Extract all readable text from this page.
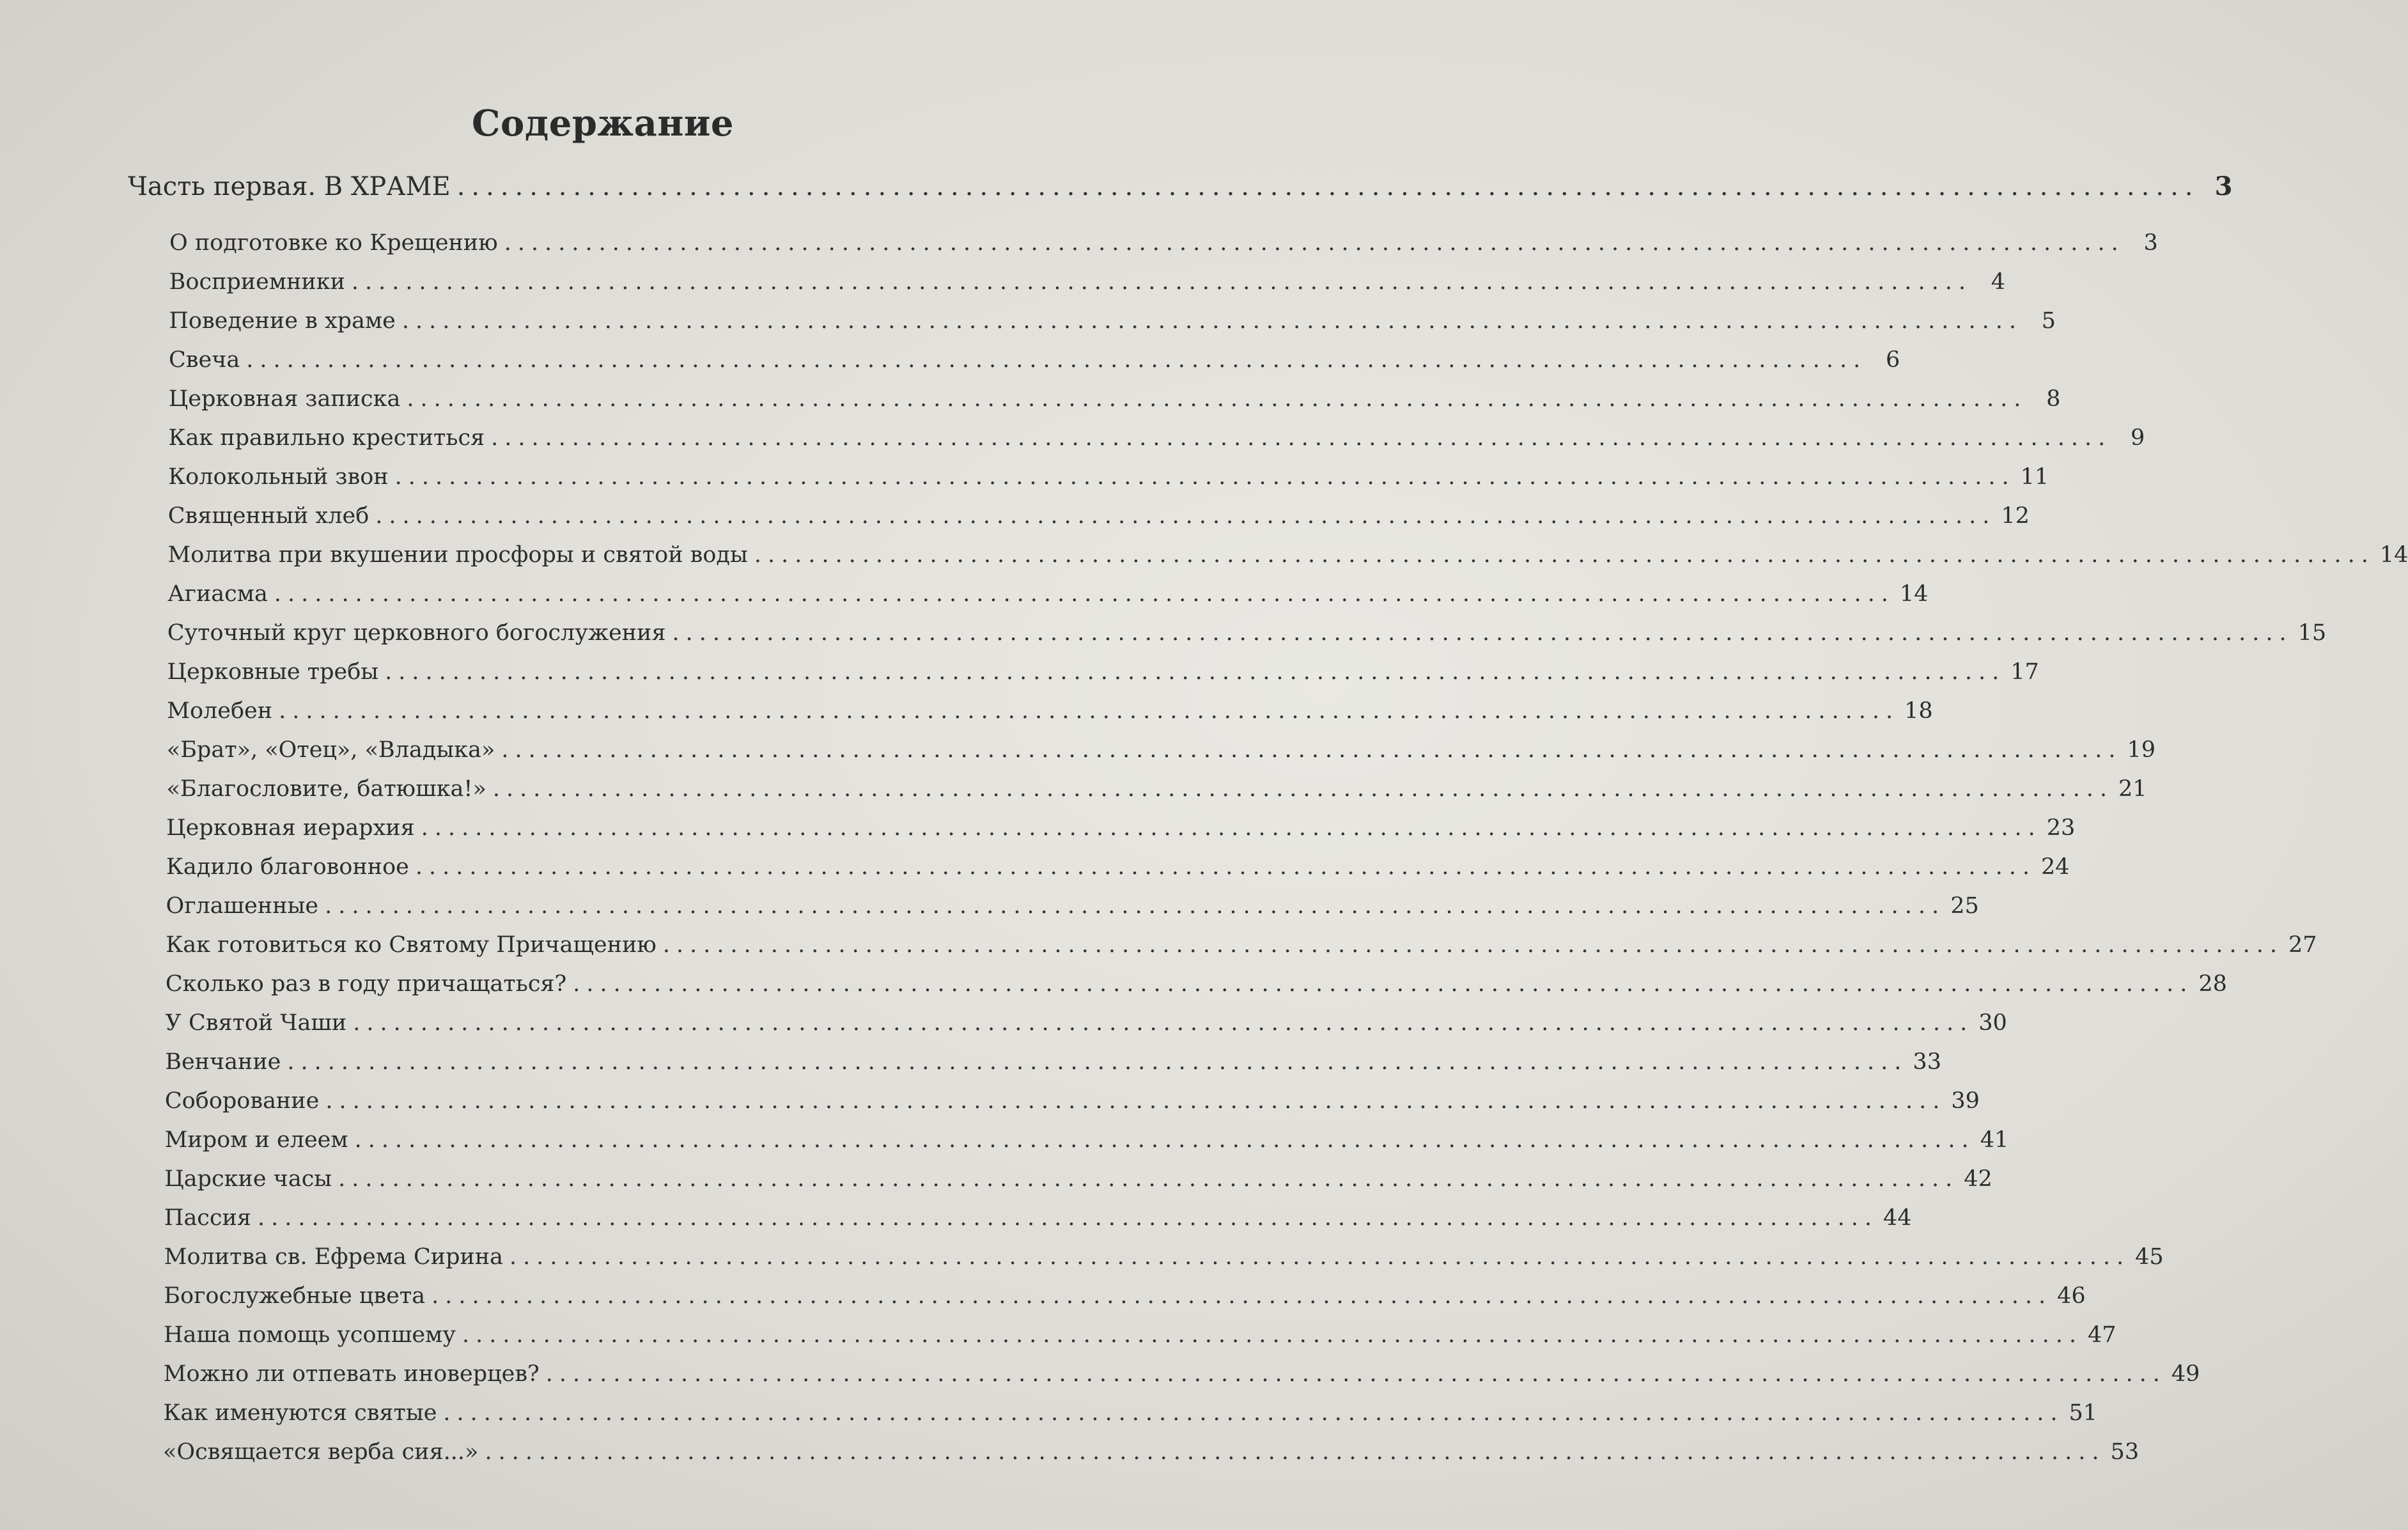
Содержание
Часть первая. В ХРАМЕ ........................................................................................................................ 3
О подготовке ко Крещению ........................................................................................................................ 3
Восприемники ........................................................................................................................ 4
Поведение в храме ........................................................................................................................ 5
Свеча ........................................................................................................................ 6
Церковная записка ........................................................................................................................ 8
Как правильно креститься ........................................................................................................................ 9
Колокольный звон ........................................................................................................................ 11
Священный хлеб ........................................................................................................................ 12
Молитва при вкушении просфоры и святой воды ........................................................................................................................ 14
Агиасма ........................................................................................................................ 14
Суточный круг церковного богослужения ........................................................................................................................ 15
Церковные требы ........................................................................................................................ 17
Молебен ........................................................................................................................ 18
«Брат», «Отец», «Владыка» ........................................................................................................................ 19
«Благословите, батюшка!» ........................................................................................................................ 21
Церковная иерархия ........................................................................................................................ 23
Кадило благовонное ........................................................................................................................ 24
Оглашенные ........................................................................................................................ 25
Как готовиться ко Святому Причащению ........................................................................................................................ 27
Сколько раз в году причащаться? ........................................................................................................................ 28
У Святой Чаши ........................................................................................................................ 30
Венчание ........................................................................................................................ 33
Соборование ........................................................................................................................ 39
Миром и елеем ........................................................................................................................ 41
Царские часы ........................................................................................................................ 42
Пассия ........................................................................................................................ 44
Молитва св. Ефрема Сирина ........................................................................................................................ 45
Богослужебные цвета ........................................................................................................................ 46
Наша помощь усопшему ........................................................................................................................ 47
Можно ли отпевать иноверцев? ........................................................................................................................ 49
Как именуются святые ........................................................................................................................ 51
«Освящается верба сия...» ........................................................................................................................ 53
